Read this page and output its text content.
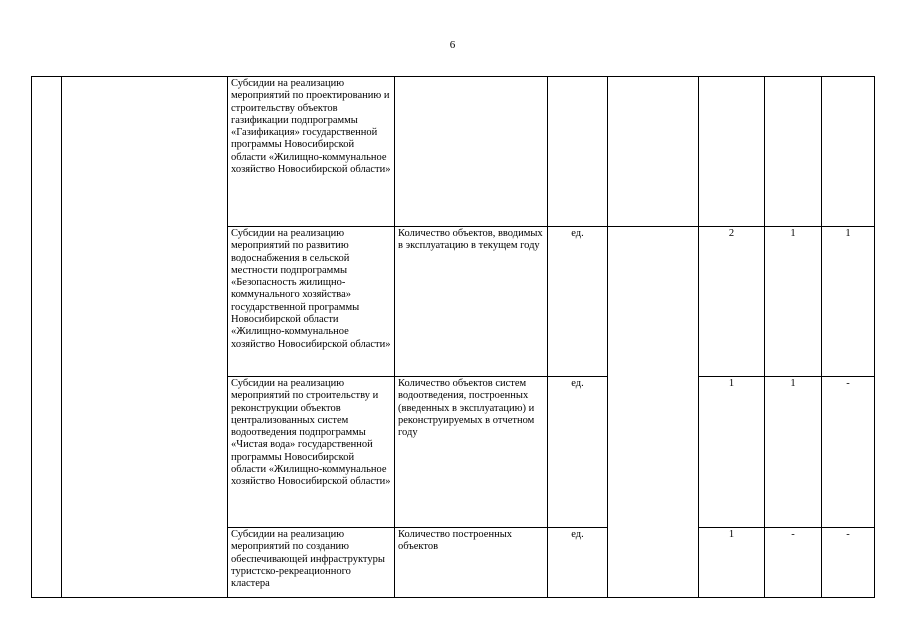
6
		Субсидии на реализацию мероприятий по проектированию и строительству объектов газификации подпрограммы «Газификация» государственной программы Новосибирской области «Жилищно-коммунальное хозяйство Новосибирской области»						
		Субсидии на реализацию мероприятий по развитию водоснабжения в сельской местности подпрограммы «Безопасность жилищно-коммунального хозяйства» государственной программы Новосибирской области «Жилищно-коммунальное хозяйство Новосибирской области»	Количество объектов, вводимых в эксплуатацию в текущем году	ед.		2	1	1
		Субсидии на реализацию мероприятий по строительству и реконструкции объектов централизованных систем водоотведения подпрограммы «Чистая вода» государственной программы Новосибирской области «Жилищно-коммунальное хозяйство Новосибирской области»	Количество объектов систем водоотведения, построенных (введенных в эксплуатацию) и реконструируемых в отчетном году	ед.		1	1	-
		Субсидии на реализацию мероприятий по созданию обеспечивающей инфраструктуры туристско-рекреационного кластера	Количество построенных объектов	ед.		1	-	-
